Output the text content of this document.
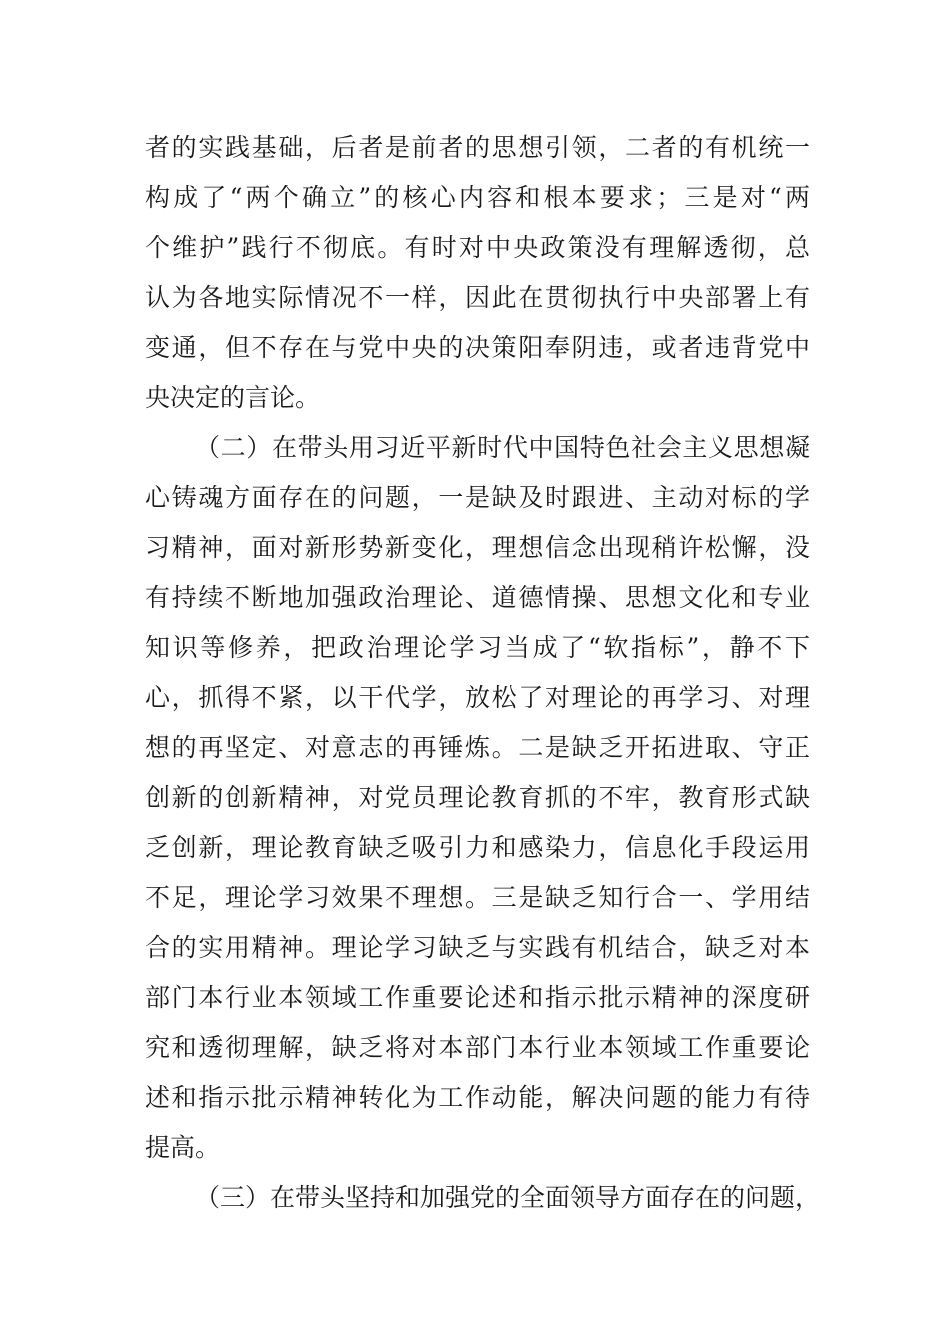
者的实践基础，后者是前者的思想引领，二者的有机统一
构成了“两个确立”的核心内容和根本要求；三是对“两
个维护”践行不彻底。有时对中央政策没有理解透彻，总
认为各地实际情况不一样，因此在贯彻执行中央部署上有
变通，但不存在与党中央的决策阳奉阴违，或者违背党中
央决定的言论。
（二）在带头用习近平新时代中国特色社会主义思想凝
心铸魂方面存在的问题，一是缺及时跟进、主动对标的学
习精神，面对新形势新变化，理想信念出现稍许松懈，没
有持续不断地加强政治理论、道德情操、思想文化和专业
知识等修养，把政治理论学习当成了“软指标”，静不下
心，抓得不紧，以干代学，放松了对理论的再学习、对理
想的再坚定、对意志的再锤炼。二是缺乏开拓进取、守正
创新的创新精神，对党员理论教育抓的不牢，教育形式缺
乏创新，理论教育缺乏吸引力和感染力，信息化手段运用
不足，理论学习效果不理想。三是缺乏知行合一、学用结
合的实用精神。理论学习缺乏与实践有机结合，缺乏对本
部门本行业本领域工作重要论述和指示批示精神的深度研
究和透彻理解，缺乏将对本部门本行业本领域工作重要论
述和指示批示精神转化为工作动能，解决问题的能力有待
提高。
（三）在带头坚持和加强党的全面领导方面存在的问题，
